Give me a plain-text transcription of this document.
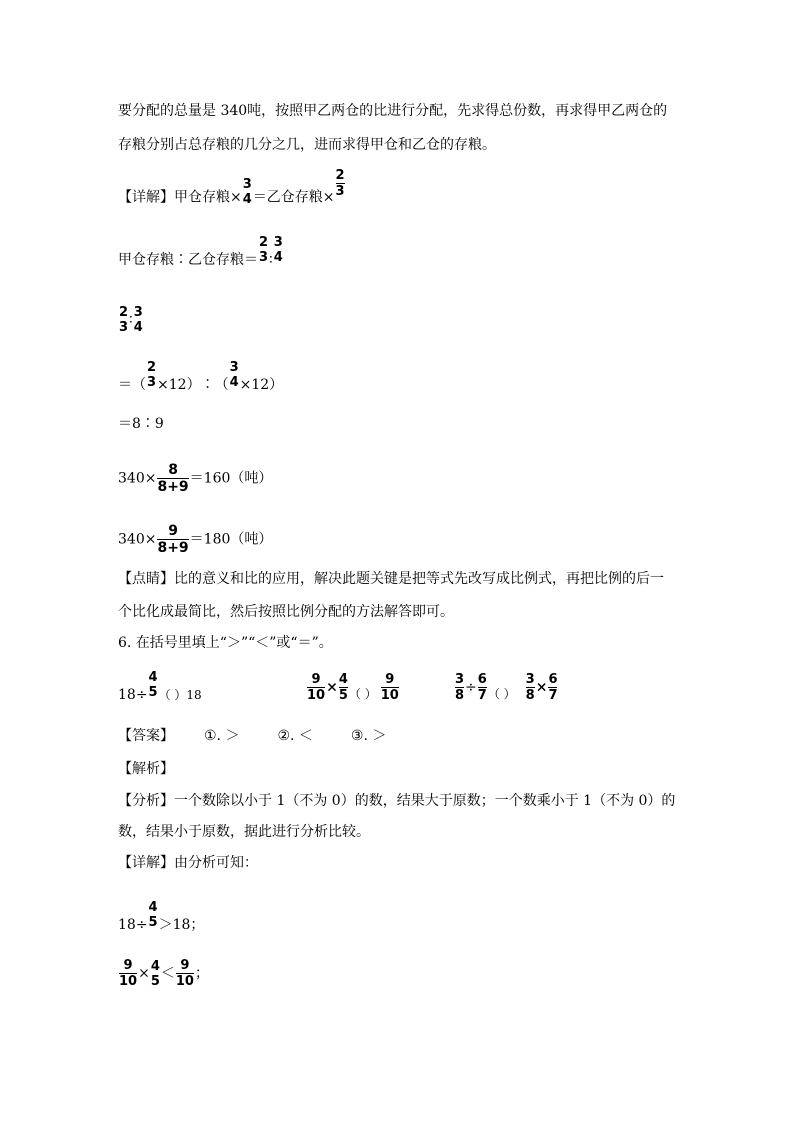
要分配的总量是 340吨，按照甲乙两仓的比进行分配，先求得总份数，再求得甲乙两仓的
存粮分别占总存粮的几分之几，进而求得甲仓和乙仓的存粮。
【详解】甲仓存粮×
3
4 ＝乙仓存粮× $\frac{2}{3}$
甲仓存粮∶乙仓存粮＝
2
3 ∶
3
4
2
3 ∶ 3
4
＝（
2
3 ×12）∶（
3
4 ×12）
＝8∶9
$340\times \frac{8}{8+9} =160$（吨）
$340\times \frac{9}{8+9} =180$（吨）
【点睛】比的意义和比的应用，解决此题关键是把等式先改写成比例式，再把比例的后一
个比化成最简比，然后按照比例分配的方法解答即可。
6. 在括号里填上“＞”“＜”或“＝”。
18÷
4
5 （ ）18	$\frac{9}{10} \times \frac{4}{5}$ （ ） $\frac{9}{10}$	$\frac{3}{8} \div \frac{6}{7}$ （ ） $\frac{3}{8} \times \frac{6}{7}$
【答案】 ①. ＞	②. ＜	③. ＞
【解析】
【分析】一个数除以小于 1（不为 0）的数，结果大于原数；一个数乘小于 1（不为 0）的
数，结果小于原数，据此进行分析比较。
【详解】由分析可知：
18÷
4
5 ＞18；
$\frac{9}{10} \times 4$
$5 < \frac{9}{10}$ ；
